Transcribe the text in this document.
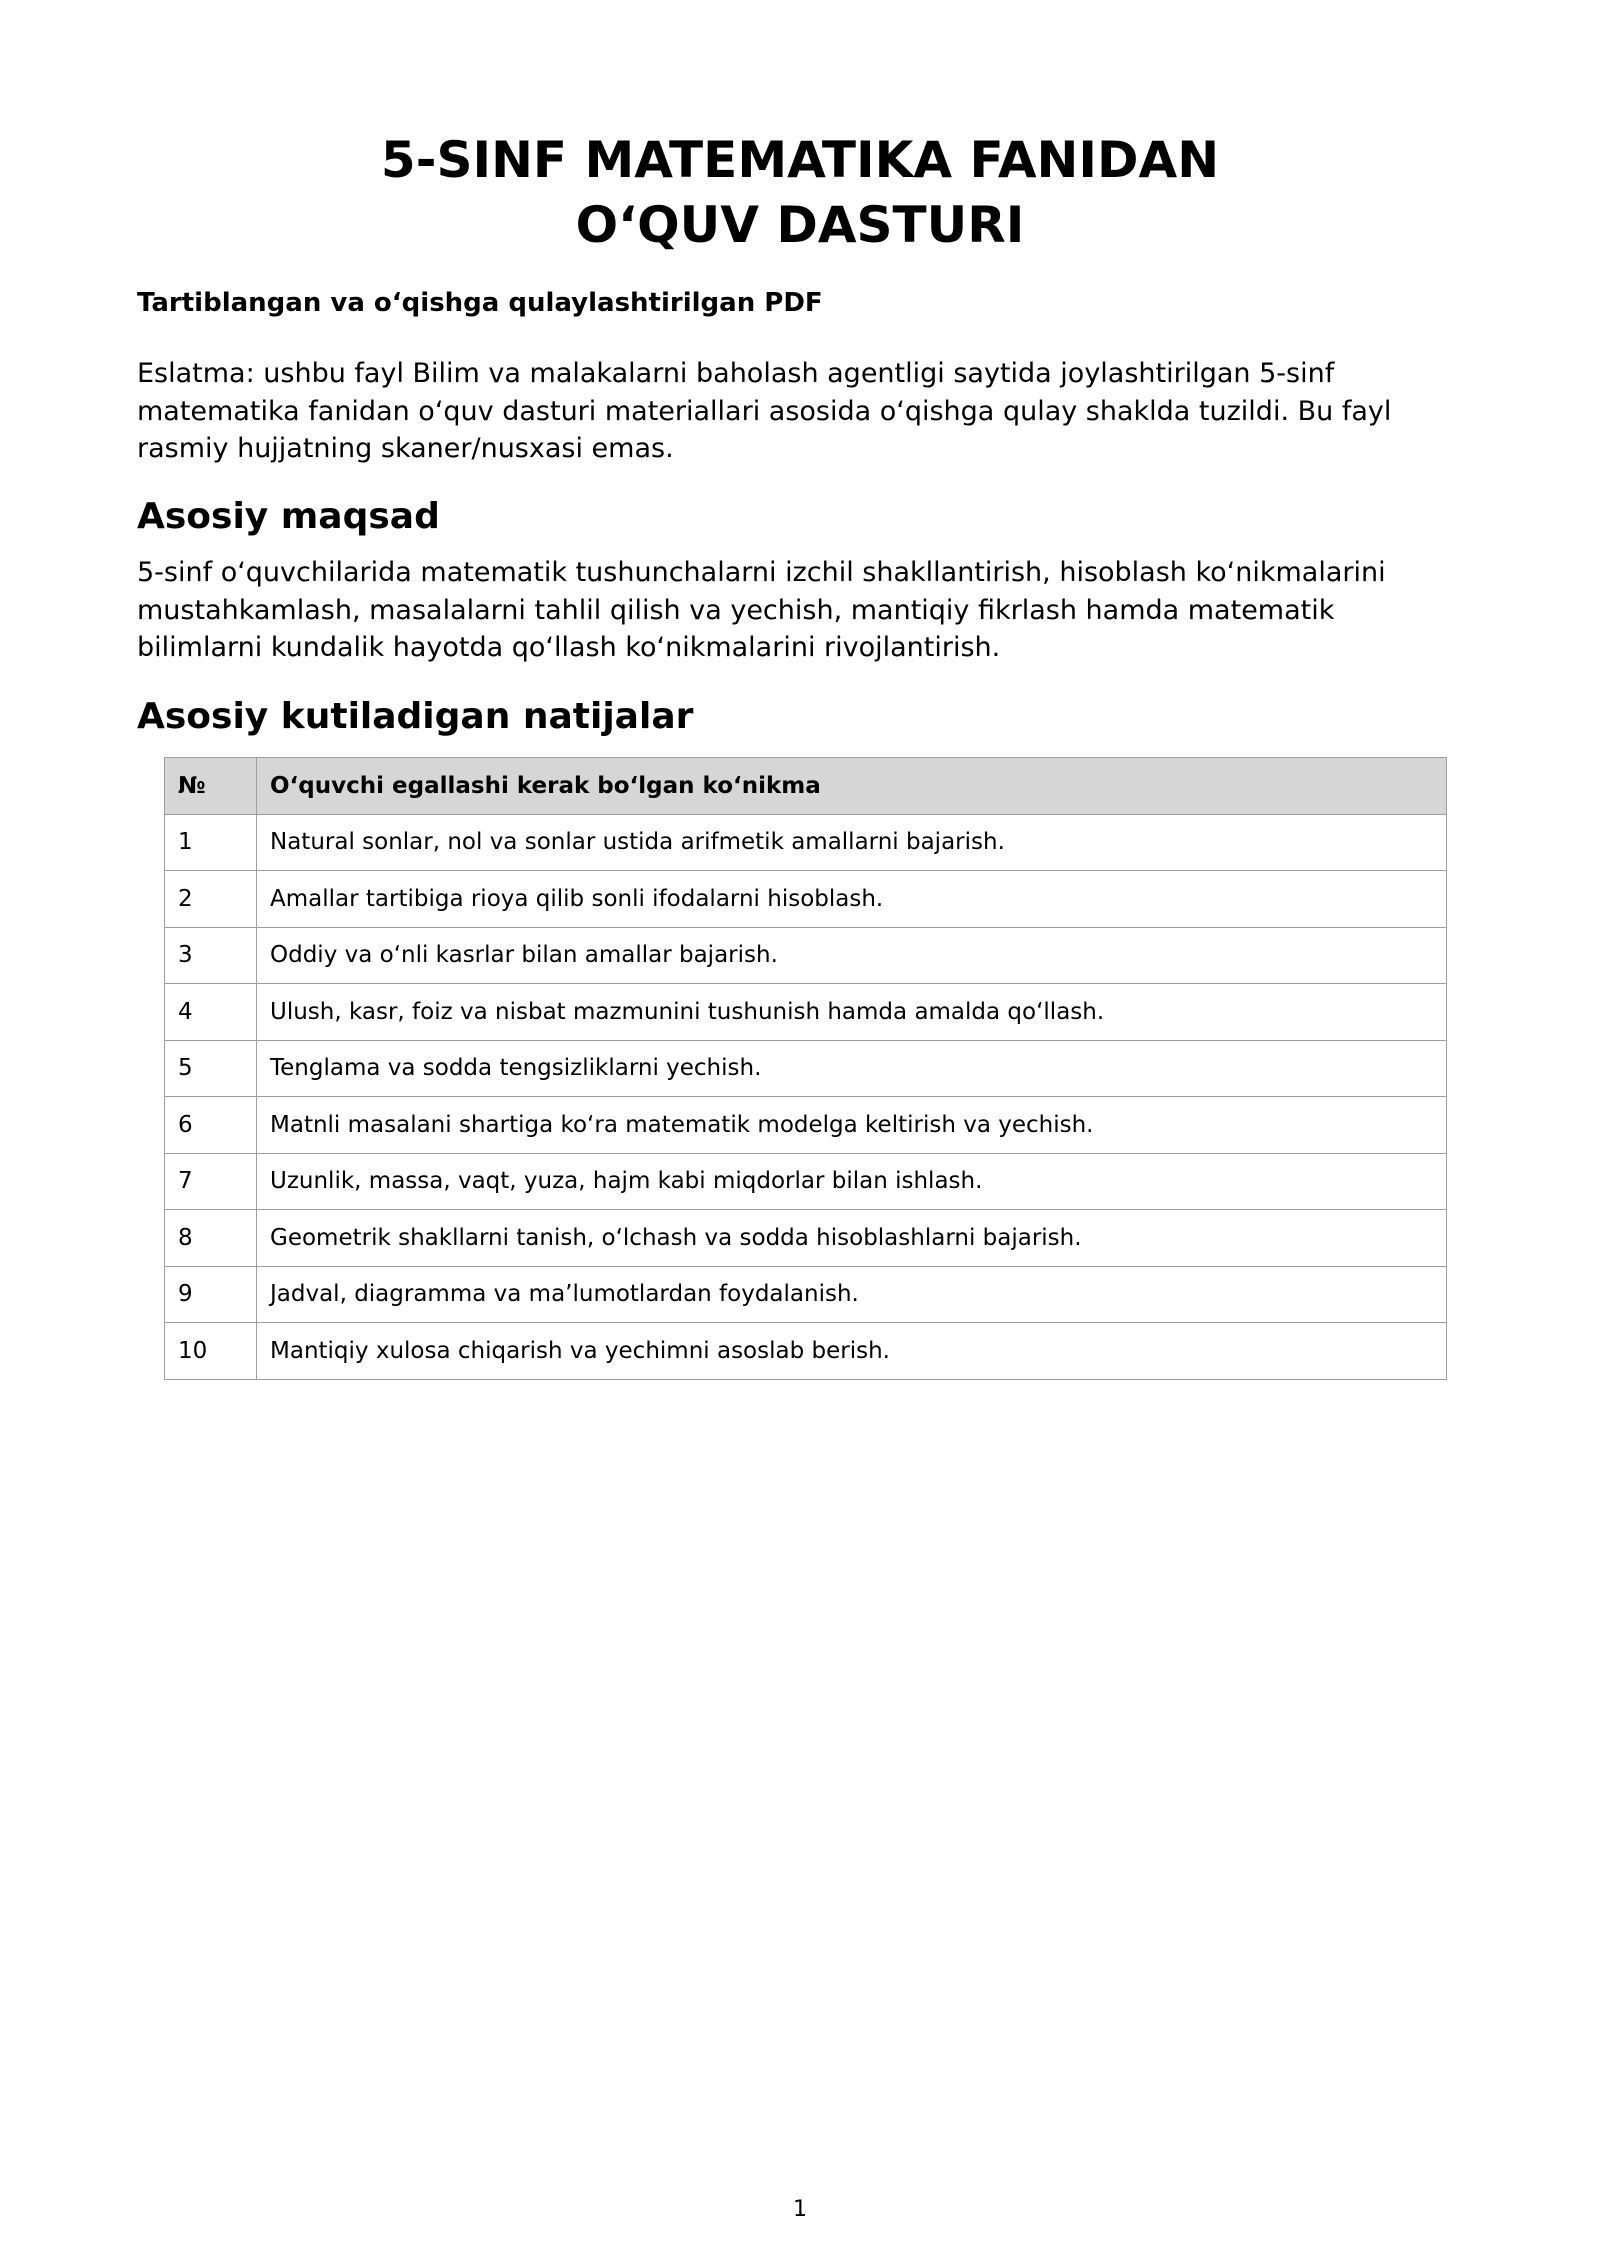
5-SINF MATEMATIKA FANIDAN
O‘QUV DASTURI
Tartiblangan va o‘qishga qulaylashtirilgan PDF
Eslatma: ushbu fayl Bilim va malakalarni baholash agentligi saytida joylashtirilgan 5-sinf matematika fanidan o‘quv dasturi materiallari asosida o‘qishga qulay shaklda tuzildi. Bu fayl rasmiy hujjatning skaner/nusxasi emas.
Asosiy maqsad
5-sinf o‘quvchilarida matematik tushunchalarni izchil shakllantirish, hisoblash ko‘nikmalarini mustahkamlash, masalalarni tahlil qilish va yechish, mantiqiy fikrlash hamda matematik bilimlarni kundalik hayotda qo‘llash ko‘nikmalarini rivojlantirish.
Asosiy kutiladigan natijalar
№	O‘quvchi egallashi kerak bo‘lgan ko‘nikma
1	Natural sonlar, nol va sonlar ustida arifmetik amallarni bajarish.
2	Amallar tartibiga rioya qilib sonli ifodalarni hisoblash.
3	Oddiy va o‘nli kasrlar bilan amallar bajarish.
4	Ulush, kasr, foiz va nisbat mazmunini tushunish hamda amalda qo‘llash.
5	Tenglama va sodda tengsizliklarni yechish.
6	Matnli masalani shartiga ko‘ra matematik modelga keltirish va yechish.
7	Uzunlik, massa, vaqt, yuza, hajm kabi miqdorlar bilan ishlash.
8	Geometrik shakllarni tanish, o‘lchash va sodda hisoblashlarni bajarish.
9	Jadval, diagramma va ma’lumotlardan foydalanish.
10	Mantiqiy xulosa chiqarish va yechimni asoslab berish.
1
